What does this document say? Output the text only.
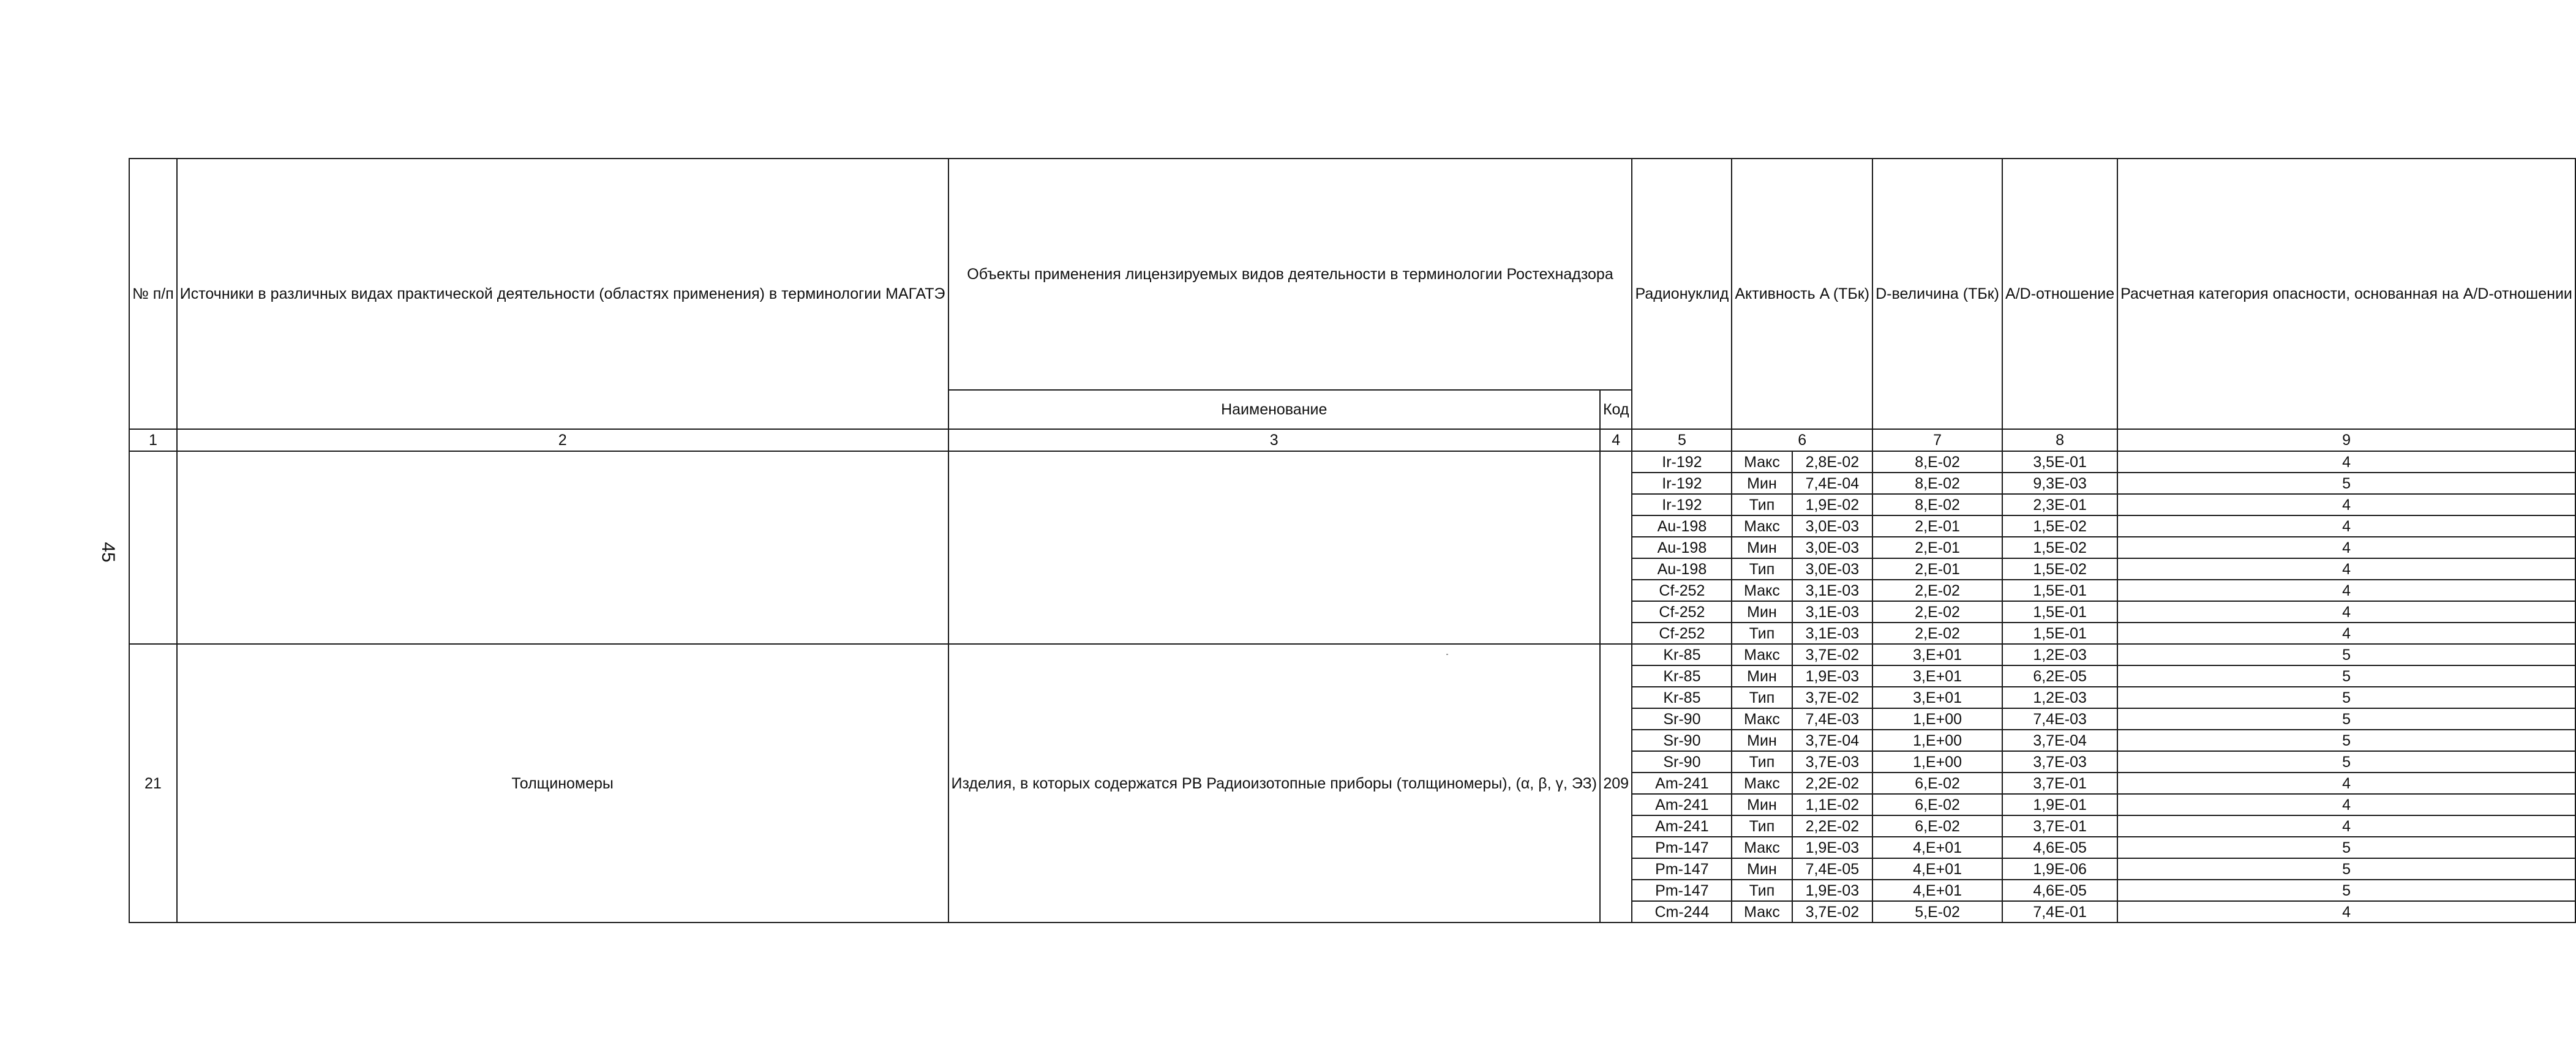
45
№ п/п	Источники в различных видах практической деятельности (областях применения) в терминологии МАГАТЭ	Объекты применения лицензируемых видов деятельности в терминологии Ростехнадзора		Радионуклид	Активность A (ТБк)		D-величина (ТБк)	A/D-отношение	Расчетная категория опасности, основанная на A/D-отношении
		Наименование	Код						
1	2	3	4	5	6		7	8	9
				Ir-192	Макс	2,8E-02	8,E-02	3,5E-01	4
				Ir-192	Мин	7,4E-04	8,E-02	9,3E-03	5
				Ir-192	Тип	1,9E-02	8,E-02	2,3E-01	4
				Au-198	Макс	3,0E-03	2,E-01	1,5E-02	4
				Au-198	Мин	3,0E-03	2,E-01	1,5E-02	4
				Au-198	Тип	3,0E-03	2,E-01	1,5E-02	4
				Cf-252	Макс	3,1E-03	2,E-02	1,5E-01	4
				Cf-252	Мин	3,1E-03	2,E-02	1,5E-01	4
				Cf-252	Тип	3,1E-03	2,E-02	1,5E-01	4
21	Толщиномеры	Изделия, в которых содержатся РВ Радиоизотопные приборы (толщиномеры), (α, β, γ, ЭЗ)	209	Kr-85	Макс	3,7E-02	3,E+01	1,2E-03	5
				Kr-85	Мин	1,9E-03	3,E+01	6,2E-05	5
				Kr-85	Тип	3,7E-02	3,E+01	1,2E-03	5
				Sr-90	Макс	7,4E-03	1,E+00	7,4E-03	5
				Sr-90	Мин	3,7E-04	1,E+00	3,7E-04	5
				Sr-90	Тип	3,7E-03	1,E+00	3,7E-03	5
				Am-241	Макс	2,2E-02	6,E-02	3,7E-01	4
				Am-241	Мин	1,1E-02	6,E-02	1,9E-01	4
				Am-241	Тип	2,2E-02	6,E-02	3,7E-01	4
				Pm-147	Макс	1,9E-03	4,E+01	4,6E-05	5
				Pm-147	Мин	7,4E-05	4,E+01	1,9E-06	5
				Pm-147	Тип	1,9E-03	4,E+01	4,6E-05	5
				Cm-244	Макс	3,7E-02	5,E-02	7,4E-01	4
